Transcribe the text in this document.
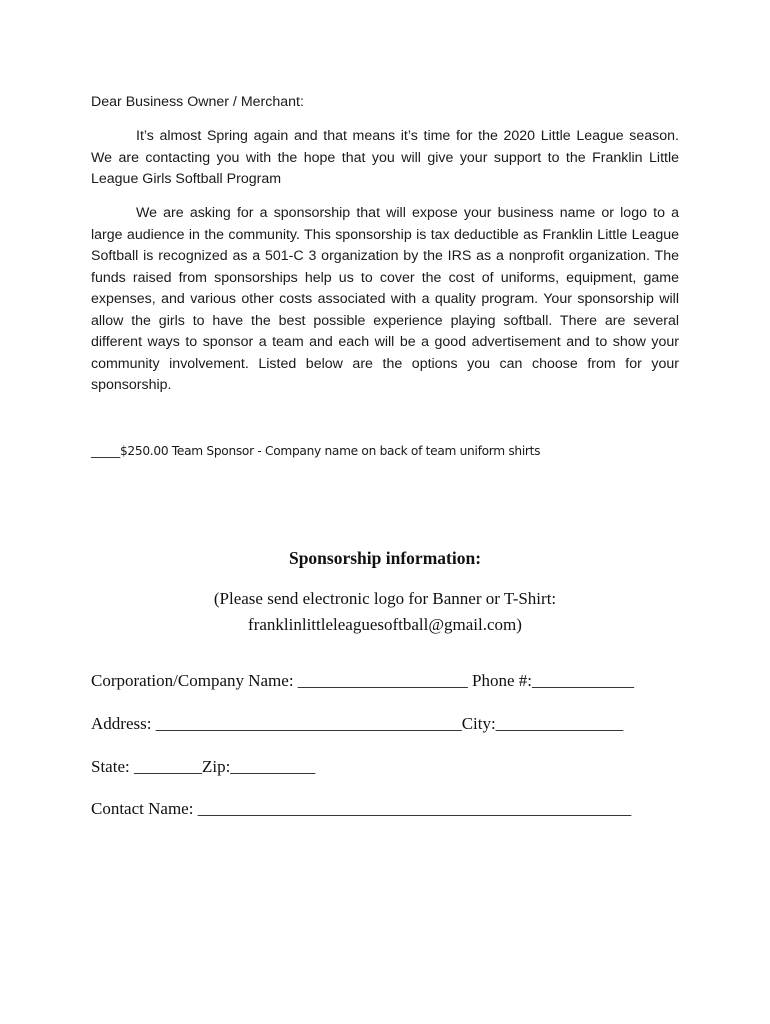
Dear Business Owner / Merchant:

It’s almost Spring again and that means it’s time for the 2020 Little League season. We are contacting you with the hope that you will give your support to the Franklin Little League Girls Softball Program

We are asking for a sponsorship that will expose your business name or logo to a large audience in the community. This sponsorship is tax deductible as Franklin Little League Softball is recognized as a 501-C 3 organization by the IRS as a nonprofit organization. The funds raised from sponsorships help us to cover the cost of uniforms, equipment, game expenses, and various other costs associated with a quality program. Your sponsorship will allow the girls to have the best possible experience playing softball. There are several different ways to sponsor a team and each will be a good advertisement and to show your community involvement. Listed below are the options you can choose from for your sponsorship.

_____$250.00 Team Sponsor - Company name on back of team uniform shirts
Sponsorship information:
(Please send electronic logo for Banner or T-Shirt:
franklinlittleleaguesoftball@gmail.com)
Corporation/Company Name: ____________________ Phone #:____________
Address: ____________________________________City:_______________
State: ________Zip:__________
Contact Name: ___________________________________________________
